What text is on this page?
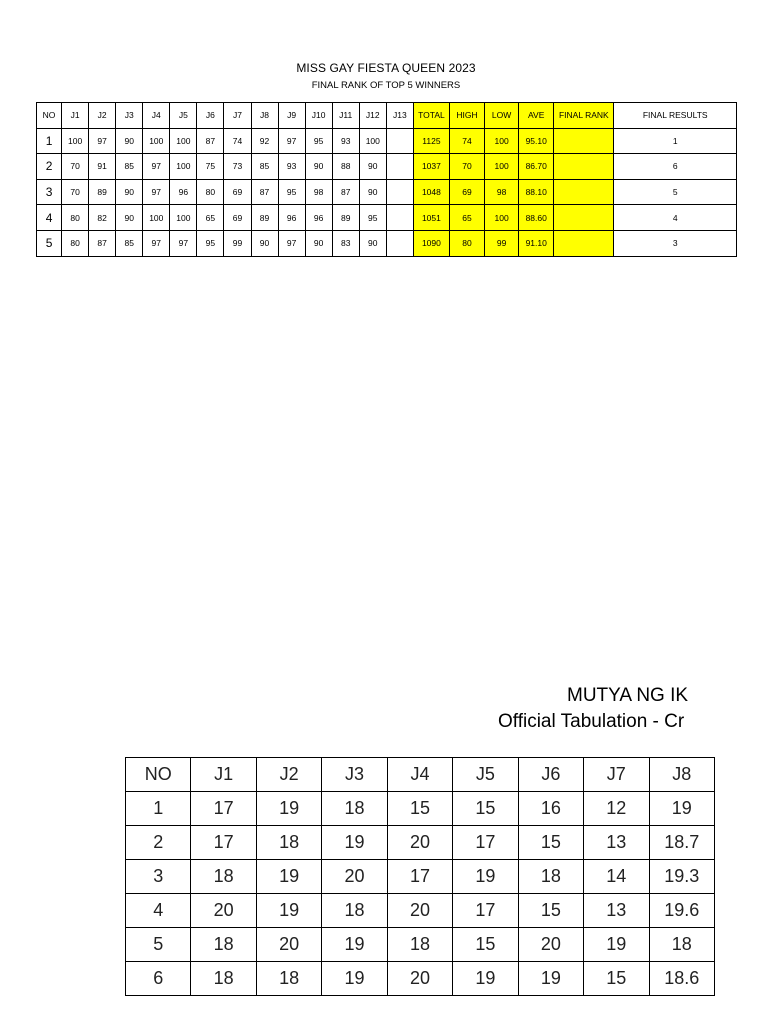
MISS GAY FIESTA QUEEN 2023
FINAL RANK OF TOP 5 WINNERS
NO	J1	J2	J3	J4	J5	J6	J7	J8	J9	J10	J11	J12	J13	TOTAL	HIGH	LOW	AVE	FINAL RANK	FINAL RESULTS
1	100	97	90	100	100	87	74	92	97	95	93	100		1125	74	100	95.10		1
2	70	91	85	97	100	75	73	85	93	90	88	90		1037	70	100	86.70		6
3	70	89	90	97	96	80	69	87	95	98	87	90		1048	69	98	88.10		5
4	80	82	90	100	100	65	69	89	96	96	89	95		1051	65	100	88.60		4
5	80	87	85	97	97	95	99	90	97	90	83	90		1090	80	99	91.10		3
MUTYA NG IK
Official Tabulation - Cr
NO	J1	J2	J3	J4	J5	J6	J7	J8
1	17	19	18	15	15	16	12	19
2	17	18	19	20	17	15	13	18.7
3	18	19	20	17	19	18	14	19.3
4	20	19	18	20	17	15	13	19.6
5	18	20	19	18	15	20	19	18
6	18	18	19	20	19	19	15	18.6
